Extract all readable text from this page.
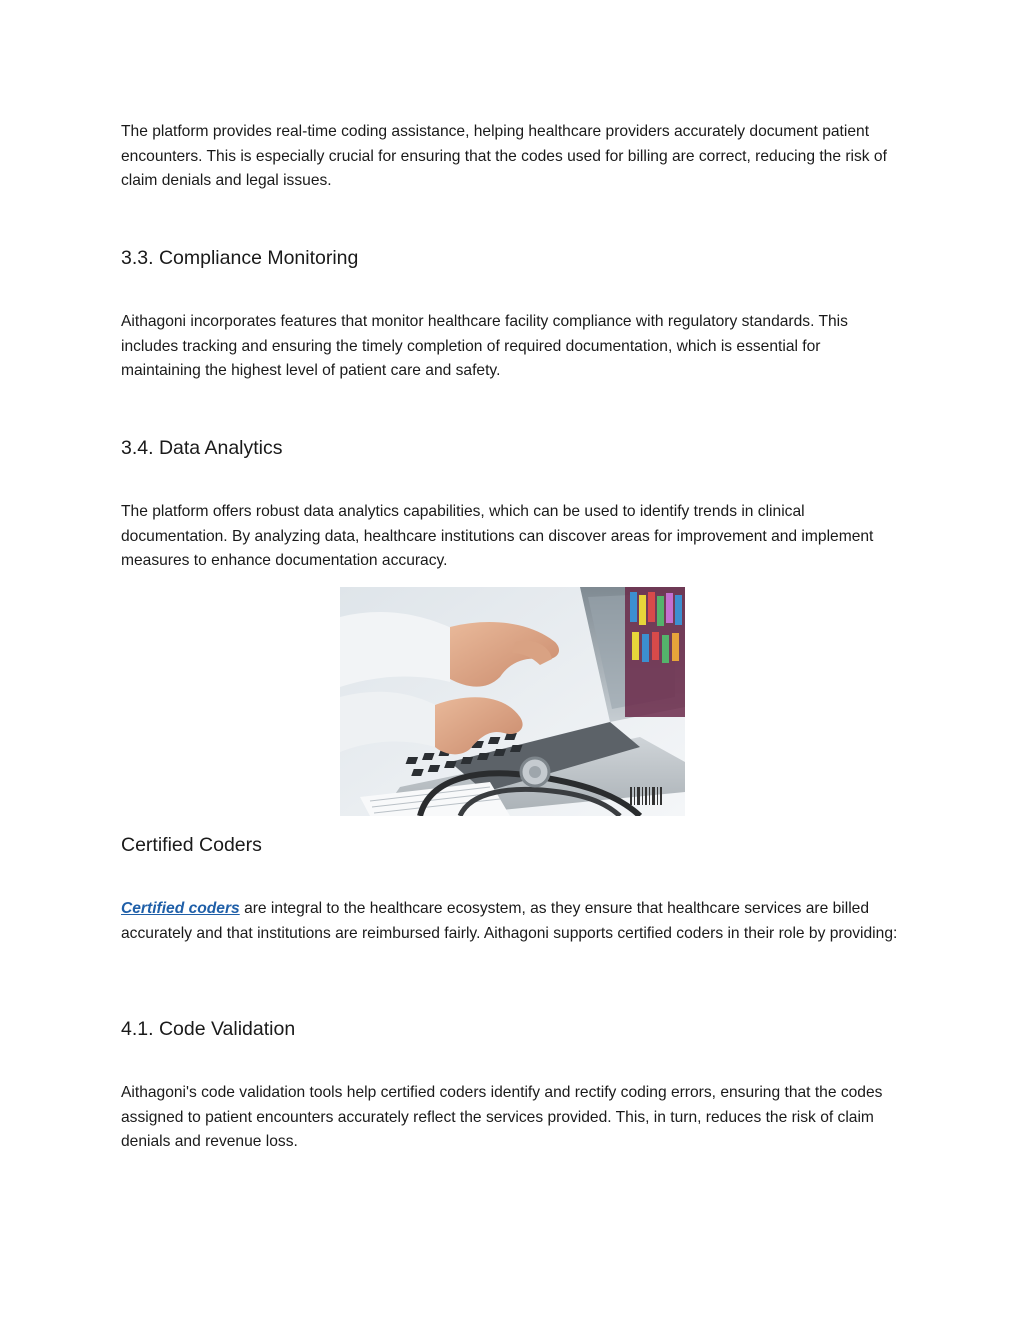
The platform provides real-time coding assistance, helping healthcare providers accurately document patient encounters. This is especially crucial for ensuring that the codes used for billing are correct, reducing the risk of claim denials and legal issues.

3.3. Compliance Monitoring

Aithagoni incorporates features that monitor healthcare facility compliance with regulatory standards. This includes tracking and ensuring the timely completion of required documentation, which is essential for maintaining the highest level of patient care and safety.

3.4. Data Analytics

The platform offers robust data analytics capabilities, which can be used to identify trends in clinical documentation. By analyzing data, healthcare institutions can discover areas for improvement and implement measures to enhance documentation accuracy.

Certified Coders

Certified coders are integral to the healthcare ecosystem, as they ensure that healthcare services are billed accurately and that institutions are reimbursed fairly. Aithagoni supports certified coders in their role by providing:

4.1. Code Validation

Aithagoni's code validation tools help certified coders identify and rectify coding errors, ensuring that the codes assigned to patient encounters accurately reflect the services provided. This, in turn, reduces the risk of claim denials and revenue loss.
